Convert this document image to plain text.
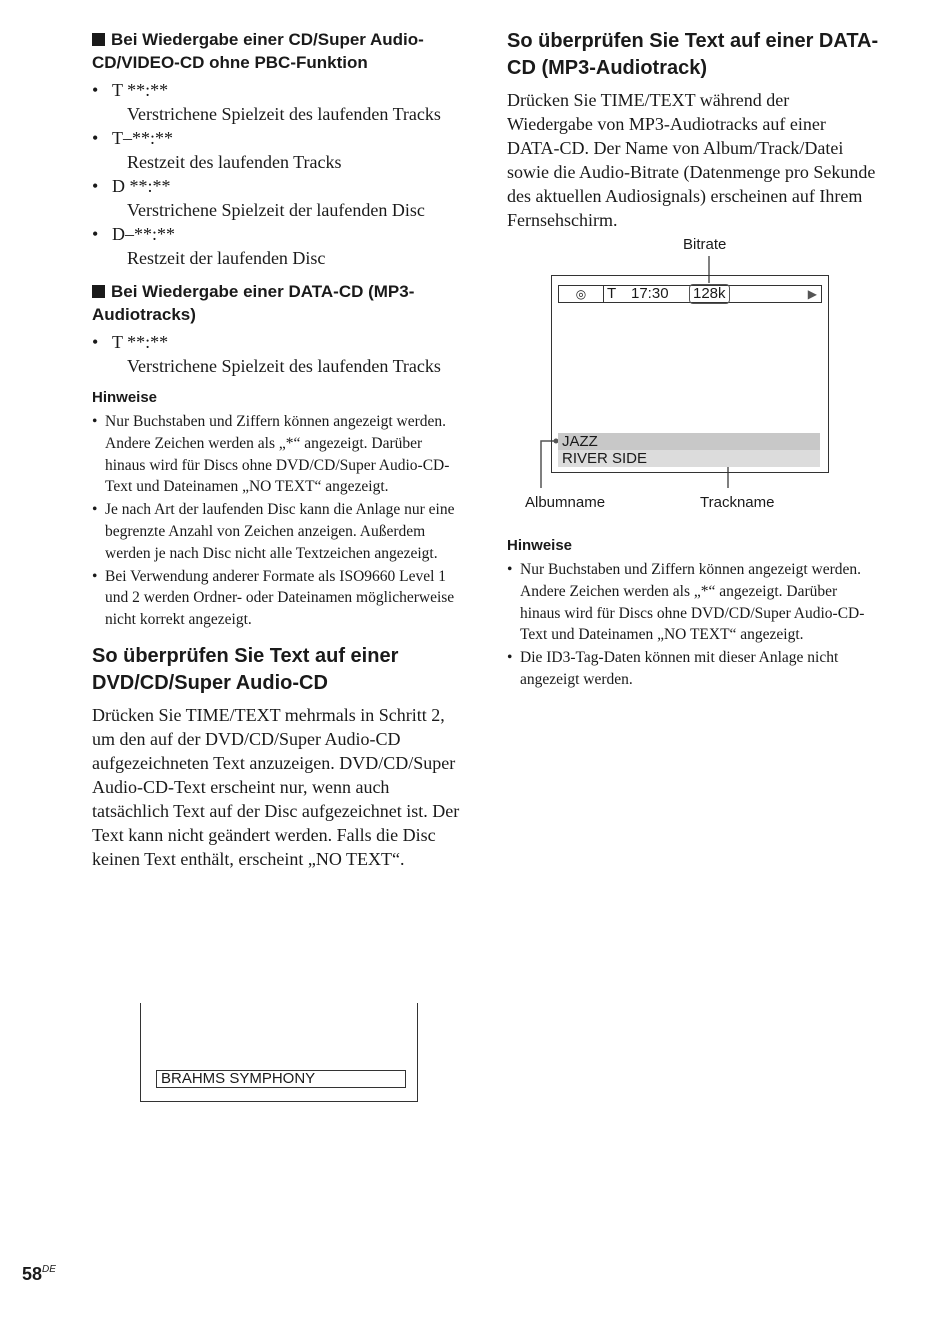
Bei Wiedergabe einer CD/Super Audio-CD/VIDEO-CD ohne PBC-Funktion
• T **:**
Verstrichene Spielzeit des laufenden Tracks
• T–**:**
Restzeit des laufenden Tracks
• D **:**
Verstrichene Spielzeit der laufenden Disc
• D–**:**
Restzeit der laufenden Disc
Bei Wiedergabe einer DATA-CD (MP3-Audiotracks)
• T **:**
Verstrichene Spielzeit des laufenden Tracks
Hinweise
• Nur Buchstaben und Ziffern können angezeigt werden. Andere Zeichen werden als „*“ angezeigt. Darüber hinaus wird für Discs ohne DVD/CD/Super Audio-CD-Text und Dateinamen „NO TEXT“ angezeigt.
• Je nach Art der laufenden Disc kann die Anlage nur eine begrenzte Anzahl von Zeichen anzeigen. Außerdem werden je nach Disc nicht alle Textzeichen angezeigt.
• Bei Verwendung anderer Formate als ISO9660 Level 1 und 2 werden Ordner- oder Dateinamen möglicherweise nicht korrekt angezeigt.
So überprüfen Sie Text auf einer DVD/CD/Super Audio-CD

Drücken Sie TIME/TEXT mehrmals in Schritt 2, um den auf der DVD/CD/Super Audio-CD aufgezeichneten Text anzuzeigen. DVD/CD/Super Audio-CD-Text erscheint nur, wenn auch tatsächlich Text auf der Disc aufgezeichnet ist. Der Text kann nicht geändert werden. Falls die Disc keinen Text enthält, erscheint „NO TEXT“.

BRAHMS SYMPHONY
So überprüfen Sie Text auf einer DATA-CD (MP3-Audiotrack)

Drücken Sie TIME/TEXT während der Wiedergabe von MP3-Audiotracks auf einer DATA-CD. Der Name von Album/Track/Datei sowie die Audio-Bitrate (Datenmenge pro Sekunde des aktuellen Audiosignals) erscheinen auf Ihrem Fernsehschirm.

Bitrate
◎	T 17:30 128k	▶
JAZZ
RIVER SIDE
Albumname	Trackname
Hinweise
• Nur Buchstaben und Ziffern können angezeigt werden. Andere Zeichen werden als „*“ angezeigt. Darüber hinaus wird für Discs ohne DVD/CD/Super Audio-CD-Text und Dateinamen „NO TEXT“ angezeigt.
• Die ID3-Tag-Daten können mit dieser Anlage nicht angezeigt werden.
58DE
